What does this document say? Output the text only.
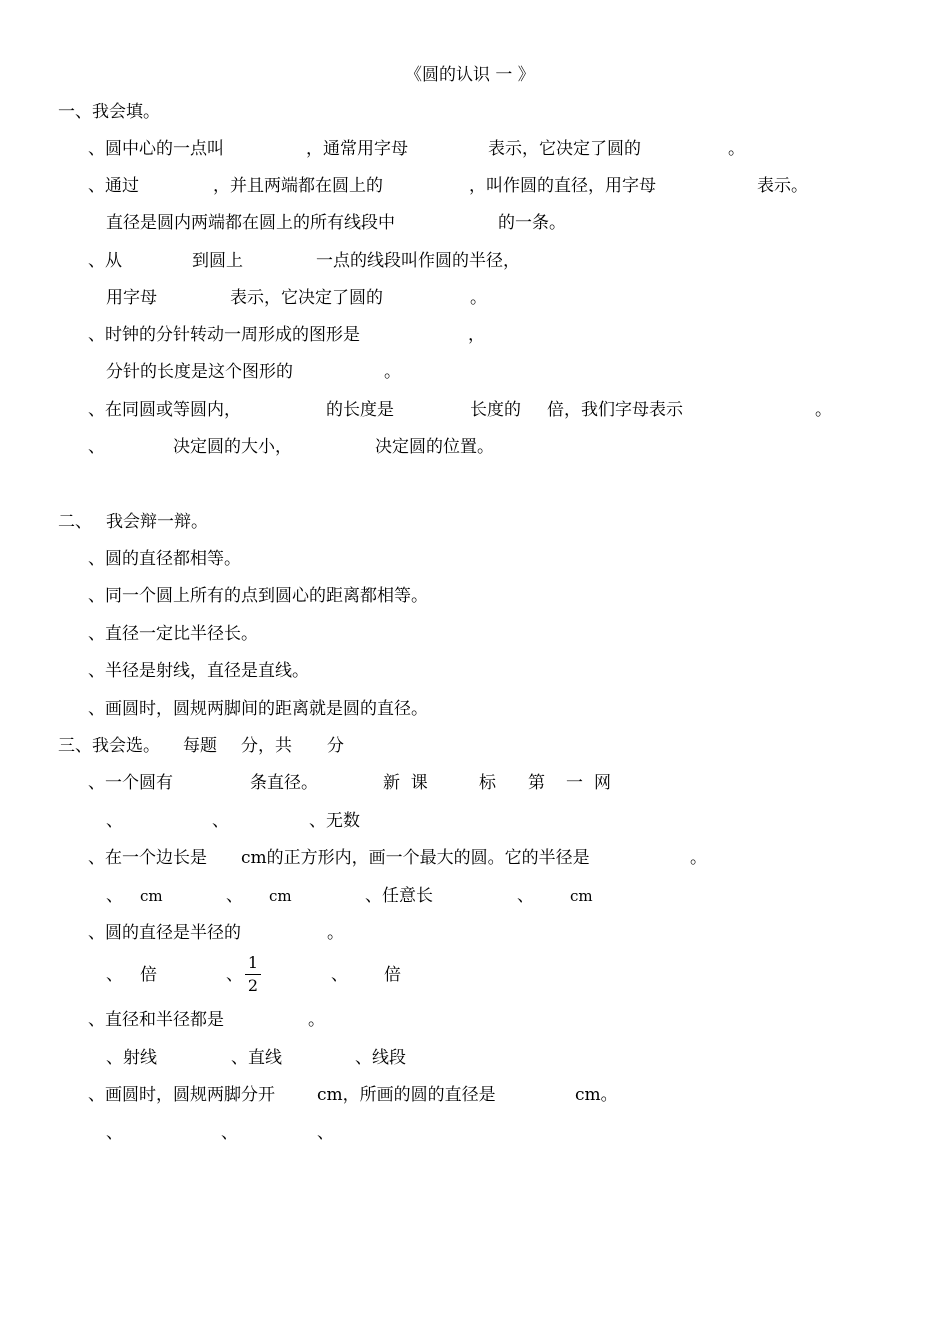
《圆的认识 一 》
一、我会填。
、圆中心的一点叫	，通常用字母	表示，它决定了圆的	。
、通过	，并且两端都在圆上的	，叫作圆的直径，用字母	表示。
直径是圆内两端都在圆上的所有线段中	的一条。
、从	到圆上	一点的线段叫作圆的半径，
用字母	表示，它决定了圆的	。
、时钟的分针转动一周形成的图形是	，
分针的长度是这个图形的	。
、在同圆或等圆内，	的长度是	长度的 倍，我们字母表示	。
、	决定圆的大小，	决定圆的位置。
二、 我会辩一辩。
、圆的直径都相等。
、同一个圆上所有的点到圆心的距离都相等。
、直径一定比半径长。
、半径是射线，直径是直线。
、画圆时，圆规两脚间的距离就是圆的直径。
三、我会选。 每题 分，共 分
、一个圆有	条直径。	新  课	标 第 一 网
、	、	、无数
、在一个边长是 cm的正方形内，画一个最大的圆。它的半径是	。
、 cm	、 cm	、任意长	、 cm
、圆的直径是半径的	。
、 倍	、
1
2
、 倍
、直径和半径都是	。
、射线	、直线	、线段
、画圆时，圆规两脚分开 cm，所画的圆的直径是	cm。
、	、	、
